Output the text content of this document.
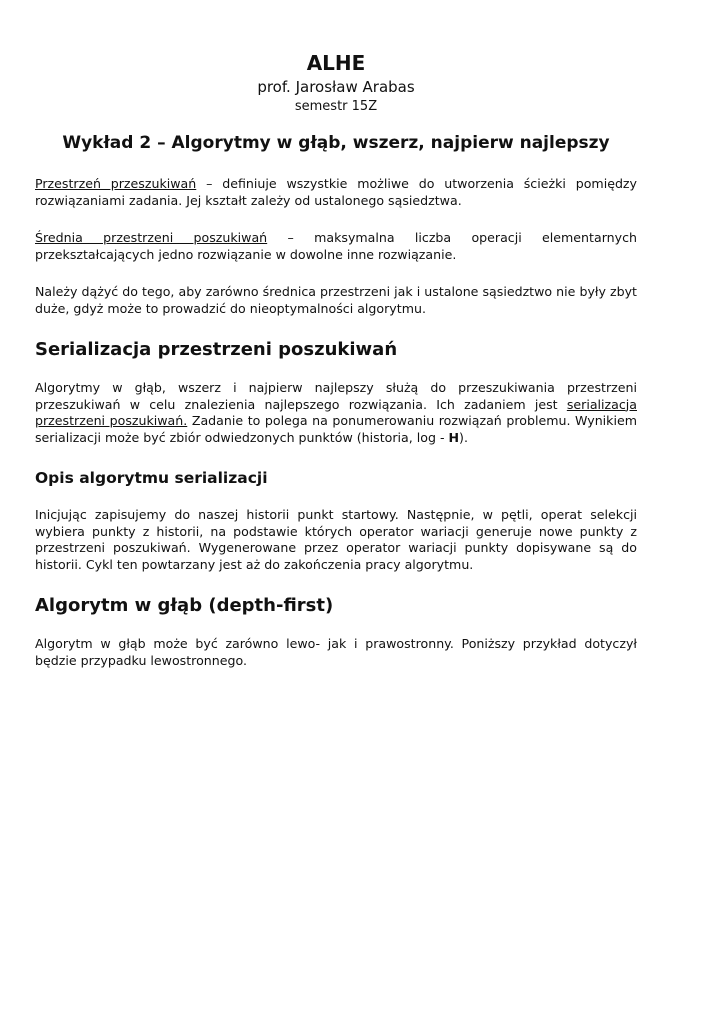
ALHE
prof. Jarosław Arabas
semestr 15Z
Wykład 2 – Algorytmy w głąb, wszerz, najpierw najlepszy

Przestrzeń przeszukiwań – definiuje wszystkie możliwe do utworzenia ścieżki pomiędzy rozwiązaniami zadania. Jej kształt zależy od ustalonego sąsiedztwa.

Średnia przestrzeni poszukiwań – maksymalna liczba operacji elementarnych przekształcających jedno rozwiązanie w dowolne inne rozwiązanie.

Należy dążyć do tego, aby zarówno średnica przestrzeni jak i ustalone sąsiedztwo nie były zbyt duże, gdyż może to prowadzić do nieoptymalności algorytmu.

Serializacja przestrzeni poszukiwań

Algorytmy w głąb, wszerz i najpierw najlepszy służą do przeszukiwania przestrzeni przeszukiwań w celu znalezienia najlepszego rozwiązania. Ich zadaniem jest serializacja przestrzeni poszukiwań. Zadanie to polega na ponumerowaniu rozwiązań problemu. Wynikiem serializacji może być zbiór odwiedzonych punktów (historia, log - H).

Opis algorytmu serializacji

Inicjując zapisujemy do naszej historii punkt startowy. Następnie, w pętli, operat selekcji wybiera punkty z historii, na podstawie których operator wariacji generuje nowe punkty z przestrzeni poszukiwań. Wygenerowane przez operator wariacji punkty dopisywane są do historii. Cykl ten powtarzany jest aż do zakończenia pracy algorytmu.

Algorytm w głąb (depth-first)

Algorytm w głąb może być zarówno lewo- jak i prawostronny. Poniższy przykład dotyczył będzie przypadku lewostronnego.
